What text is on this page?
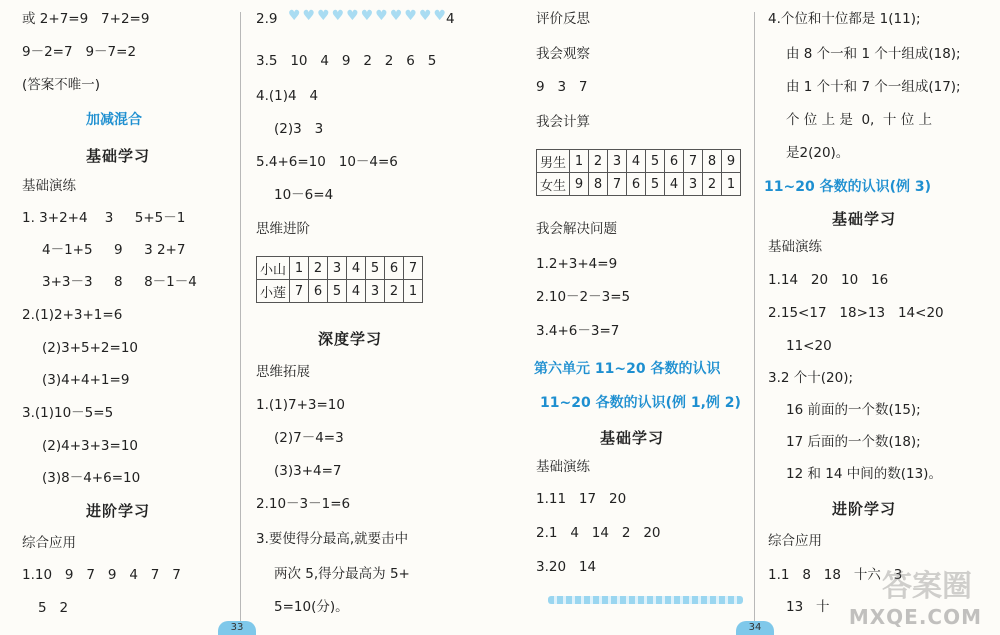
或 2+7=9   7+2=9
9－2=7   9－7=2
(答案不唯一)
加减混合
基础学习
基础演练
1. 3+2+4    3     5+5－1
4－1+5     9     3 2+7
3+3－3     8     8－1－4
2.(1)2+3+1=6
(2)3+5+2=10
(3)4+4+1=9
3.(1)10－5=5
(2)4+3+3=10
(3)8－4+6=10
进阶学习
综合应用
1.10   9   7   9   4   7   7
5   2
2.9 ♥♥♥♥♥♥♥♥♥♥♥
4
3.5   10   4   9   2   2   6   5
4.(1)4   4
(2)3   3
5.4+6=10   10－4=6
10－6=4
思维进阶
小山	1	2	3	4	5	6	7
小莲	7	6	5	4	3	2	1
深度学习
思维拓展
1.(1)7+3=10
(2)7－4=3
(3)3+4=7
2.10－3－1=6
3.要使得分最高,就要击中
两次 5,得分最高为 5+
5=10(分)。
33
评价反思
我会观察
9   3   7
我会计算
男生	1	2	3	4	5	6	7	8	9
女生	9	8	7	6	5	4	3	2	1
我会解决问题
1.2+3+4=9
2.10－2－3=5
3.4+6－3=7
第六单元 11~20 各数的认识
11~20 各数的认识(例 1,例 2)
基础学习
基础演练
1.11   17   20
2.1   4   14   2   20
3.20   14
4.个位和十位都是 1(11);
由 8 个一和 1 个十组成(18);
由 1 个十和 7 个一组成(17);
个 位 上 是  0,  十 位 上
是2(20)。
11~20 各数的认识(例 3)
基础学习
基础演练
1.14   20   10   16
2.15<17   18>13   14<20
11<20
3.2 个十(20);
16 前面的一个数(15);
17 后面的一个数(18);
12 和 14 中间的数(13)。
进阶学习
综合应用
1.1   8   18   十六   3
13   十
34
答案圈
MXQE.COM
